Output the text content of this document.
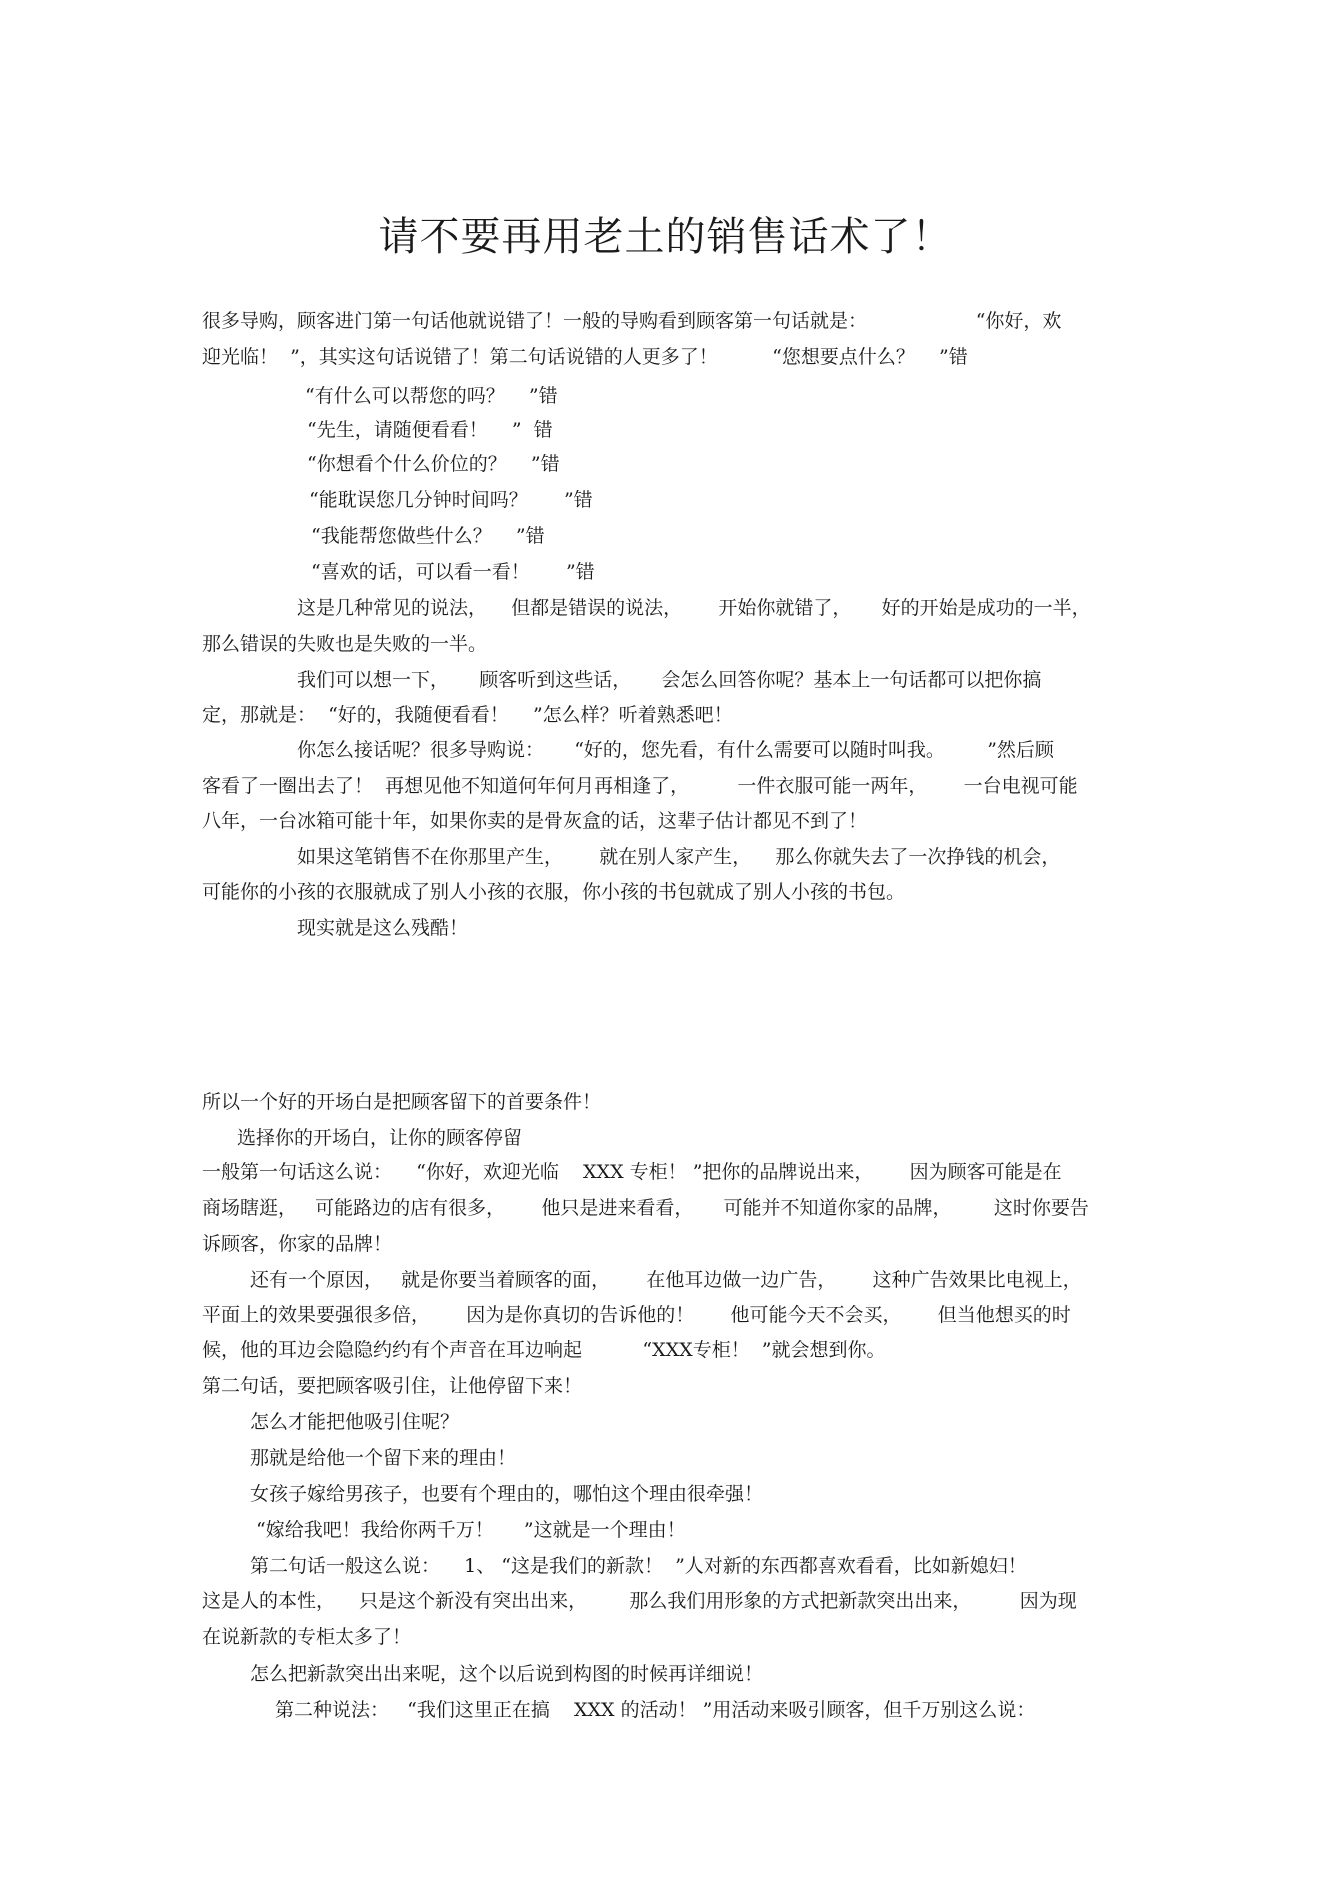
请不要再用老土的销售话术了！

很多导购，顾客进门第一句话他就说错了！一般的导购看到顾客第一句话就是：                  “你好，欢

迎光临！  ”，其实这句话说错了！第二句话说错的人更多了！         “您想要点什么？    ”错

“有什么可以帮您的吗？    ”错

“先生，请随便看看！    ”  错

“你想看个什么价位的？    ”错

“能耽误您几分钟时间吗？      ”错

“我能帮您做些什么？    ”错

“喜欢的话，可以看一看！      ”错

这是几种常见的说法，    但都是错误的说法，      开始你就错了，     好的开始是成功的一半，

那么错误的失败也是失败的一半。

我们可以想一下，     顾客听到这些话，     会怎么回答你呢？基本上一句话都可以把你搞

定，那就是：  “好的，我随便看看！    ”怎么样？听着熟悉吧！

你怎么接话呢？很多导购说：     “好的，您先看，有什么需要可以随时叫我。       ”然后顾

客看了一圈出去了！  再想见他不知道何年何月再相逢了，        一件衣服可能一两年，      一台电视可能

八年，一台冰箱可能十年，如果你卖的是骨灰盒的话，这辈子估计都见不到了！

如果这笔销售不在你那里产生，      就在别人家产生，    那么你就失去了一次挣钱的机会，

可能你的小孩的衣服就成了别人小孩的衣服，你小孩的书包就成了别人小孩的书包。

现实就是这么残酷！

所以一个好的开场白是把顾客留下的首要条件！

选择你的开场白，让你的顾客停留

一般第一句话这么说：    “你好，欢迎光临    XXX 专柜！ ”把你的品牌说出来，      因为顾客可能是在

商场瞎逛，   可能路边的店有很多，      他只是进来看看，     可能并不知道你家的品牌，       这时你要告

诉顾客，你家的品牌！

还有一个原因，   就是你要当着顾客的面，      在他耳边做一边广告，      这种广告效果比电视上，

平面上的效果要强很多倍，      因为是你真切的告诉他的！      他可能今天不会买，      但当他想买的时

候，他的耳边会隐隐约约有个声音在耳边响起          “XXX专柜！  ”就会想到你。

第二句话，要把顾客吸引住，让他停留下来！

怎么才能把他吸引住呢？

那就是给他一个留下来的理由！

女孩子嫁给男孩子，也要有个理由的，哪怕这个理由很牵强！

“嫁给我吧！我给你两千万！     ”这就是一个理由！

第二句话一般这么说：    1、 “这是我们的新款！  ”人对新的东西都喜欢看看，比如新媳妇！

这是人的本性，    只是这个新没有突出出来，       那么我们用形象的方式把新款突出出来，        因为现

在说新款的专柜太多了！

怎么把新款突出出来呢，这个以后说到构图的时候再详细说！

第二种说法：   “我们这里正在搞    XXX 的活动！ ”用活动来吸引顾客，但千万别这么说：
